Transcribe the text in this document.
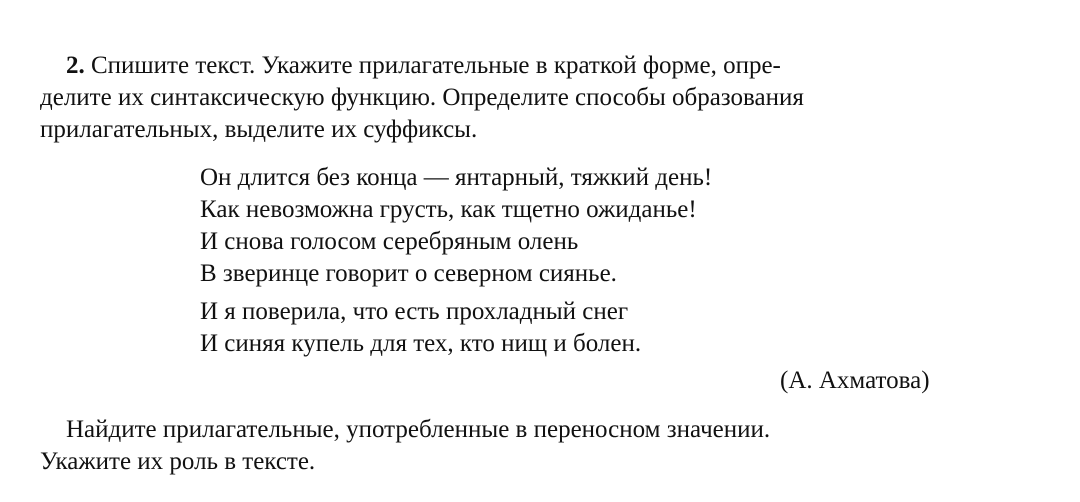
2. Спишите текст. Укажите прилагательные в краткой форме, опре-
делите их синтаксическую функцию. Определите способы образования
прилагательных, выделите их суффиксы.
Он длится без конца — янтарный, тяжкий день!
Как невозможна грусть, как тщетно ожиданье!
И снова голосом серебряным олень
В зверинце говорит о северном сиянье.
И я поверила, что есть прохладный снег
И синяя купель для тех, кто нищ и болен.
(А. Ахматова)
Найдите прилагательные, употребленные в переносном значении.
Укажите их роль в тексте.
